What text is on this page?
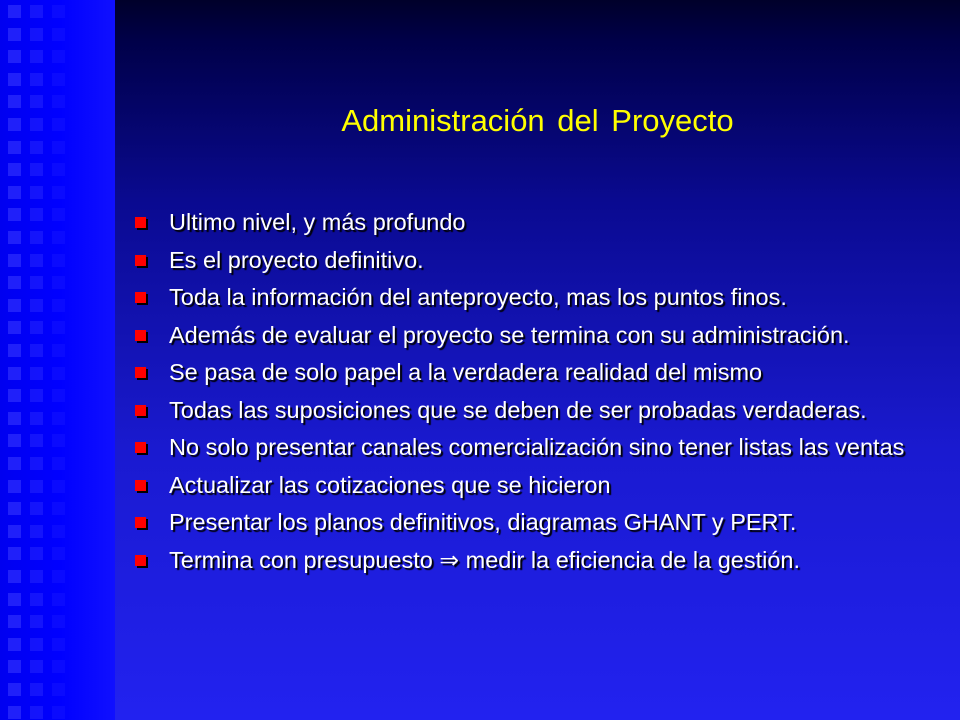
Administración del Proyecto
Ultimo nivel, y más profundo
Es el proyecto definitivo.
Toda la información del anteproyecto, mas los puntos finos.
Además de evaluar el proyecto se termina con su administración.
Se pasa de solo papel a la verdadera realidad del mismo
Todas las suposiciones que se deben de ser probadas verdaderas.
No solo presentar canales comercialización sino tener listas las ventas
Actualizar las cotizaciones que se hicieron
Presentar los planos definitivos, diagramas GHANT y PERT.
Termina con presupuesto ⇒ medir la eficiencia de la gestión.
